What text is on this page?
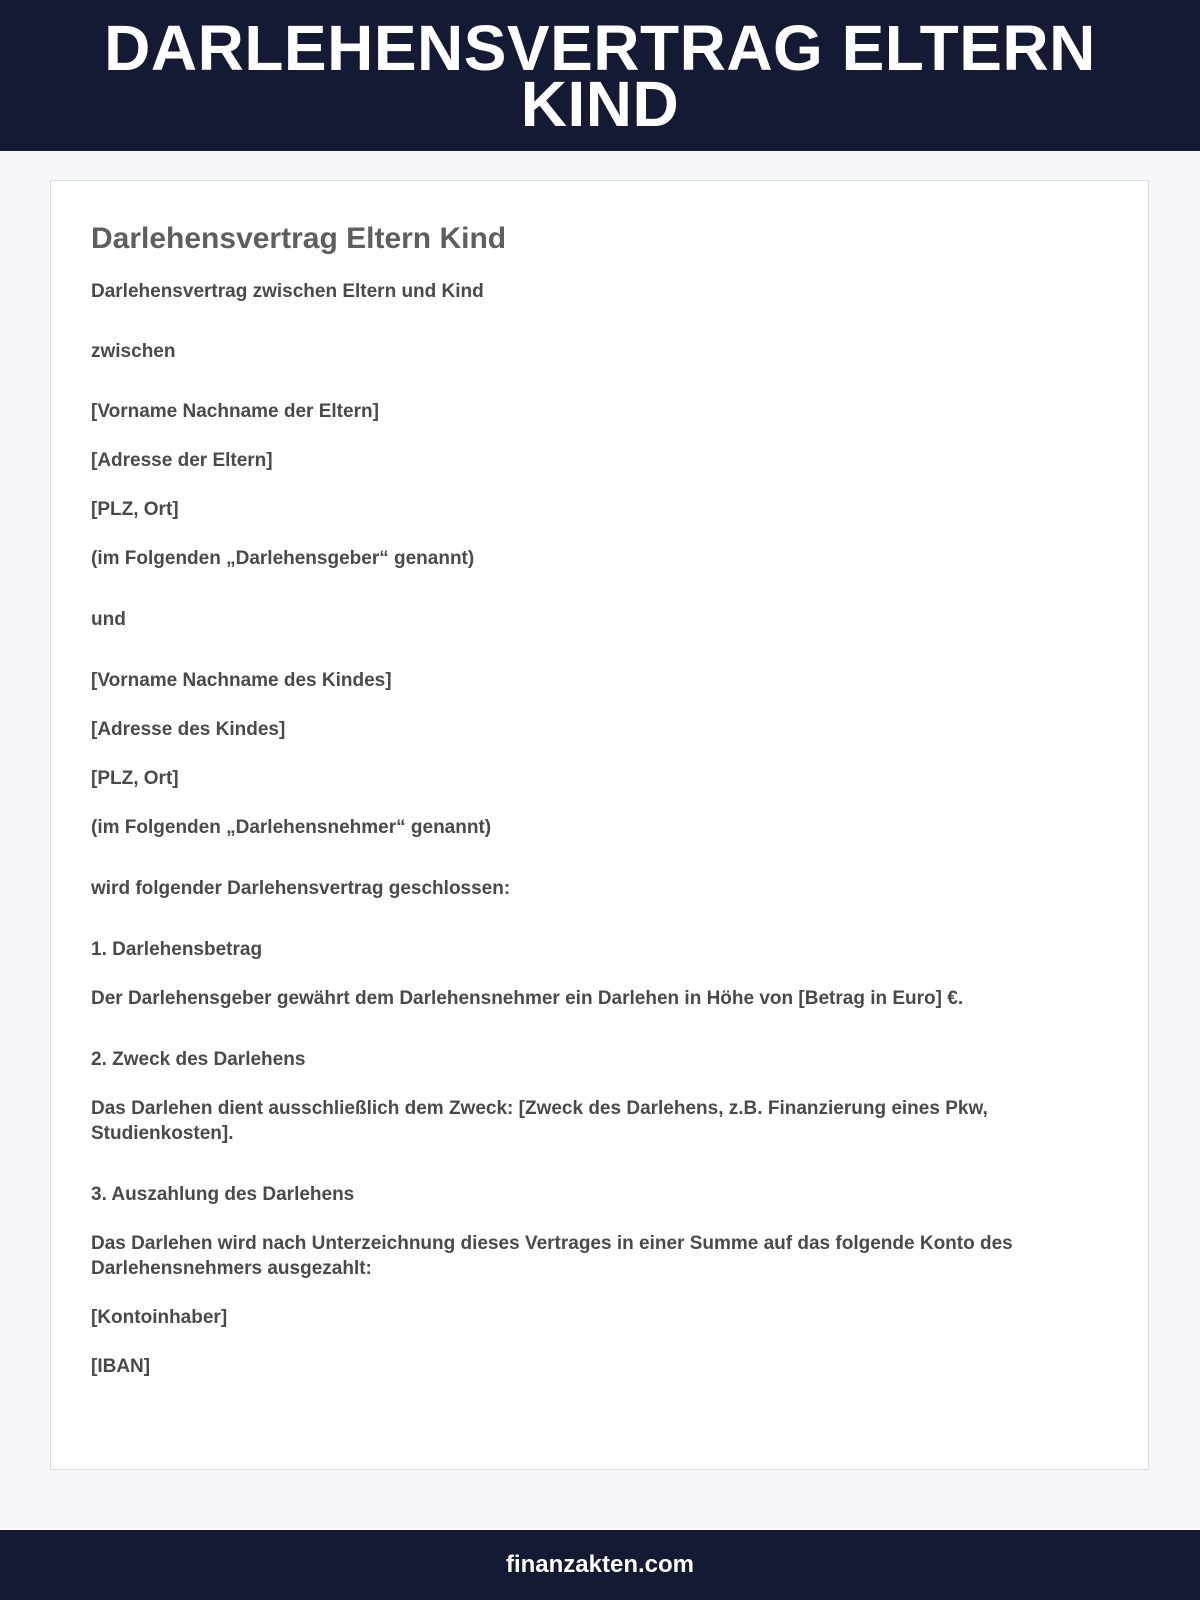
DARLEHENSVERTRAG ELTERN KIND
Darlehensvertrag Eltern Kind

Darlehensvertrag zwischen Eltern und Kind

zwischen

[Vorname Nachname der Eltern]

[Adresse der Eltern]

[PLZ, Ort]

(im Folgenden „Darlehensgeber“ genannt)

und

[Vorname Nachname des Kindes]

[Adresse des Kindes]

[PLZ, Ort]

(im Folgenden „Darlehensnehmer“ genannt)

wird folgender Darlehensvertrag geschlossen:

1. Darlehensbetrag

Der Darlehensgeber gewährt dem Darlehensnehmer ein Darlehen in Höhe von [Betrag in Euro] €.

2. Zweck des Darlehens

Das Darlehen dient ausschließlich dem Zweck: [Zweck des Darlehens, z.B. Finanzierung eines Pkw, Studienkosten].

3. Auszahlung des Darlehens

Das Darlehen wird nach Unterzeichnung dieses Vertrages in einer Summe auf das folgende Konto des Darlehensnehmers ausgezahlt:

[Kontoinhaber]

[IBAN]

finanzakten.com
